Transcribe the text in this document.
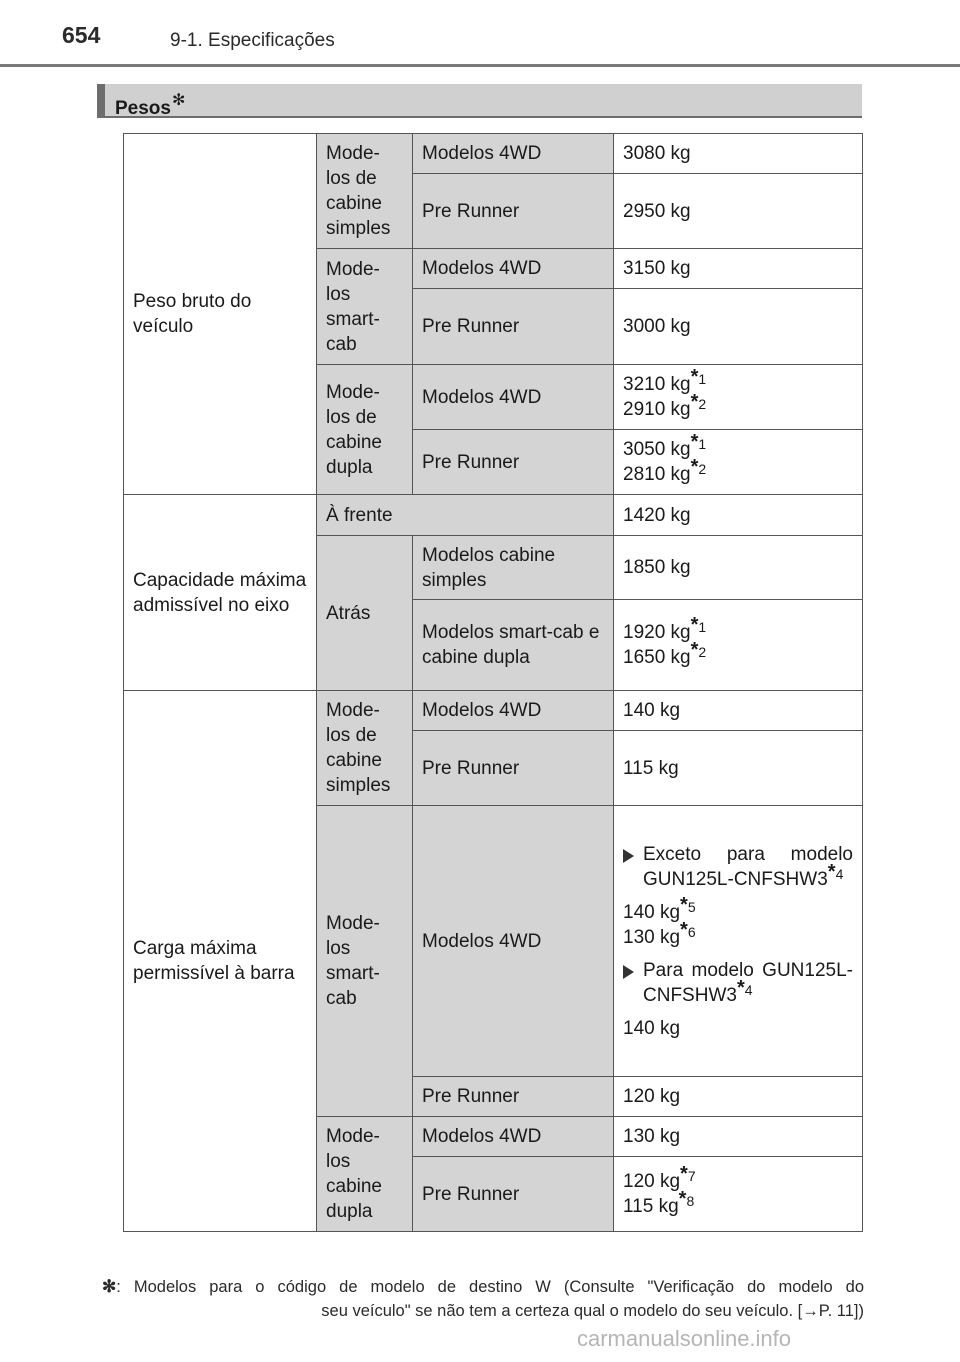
654	9-1. Especificações
Pesos✻
Peso bruto do veículo	Mode-los de cabine simples	Modelos 4WD	3080 kg
		Pre Runner	2950 kg
	Mode-los smart-cab	Modelos 4WD	3150 kg
		Pre Runner	3000 kg
	Mode-los de cabine dupla	Modelos 4WD	3210 kg*$^1$
2910 kg*$^2$

		Pre Runner	3050 kg*$^1$
2810 kg*$^2$

Capacidade máxima admissível no eixo	À frente		1420 kg
	Atrás	Modelos cabine simples	1850 kg
		Modelos smart-cab e cabine dupla	1920 kg*$^1$
1650 kg*$^2$

Carga máxima permissível à barra	Mode-los de cabine simples	Modelos 4WD	140 kg
		Pre Runner	115 kg
	Mode-los smart-cab	Modelos 4WD	Exceto para modelo GUN125L-CNFSHW3*$^4$
140 kg*$^5$
130 kg*$^6$
Para modelo GUN125L-CNFSHW3*$^4$
140 kg

		Pre Runner	120 kg
	Mode-los cabine dupla	Modelos 4WD	130 kg
		Pre Runner	120 kg*$^7$
115 kg*$^8$
✻: Modelos para o código de modelo de destino W (Consulte "Verificação do modelo do
seu veículo" se não tem a certeza qual o modelo do seu veículo. [→P. 11])
carmanualsonline.info
